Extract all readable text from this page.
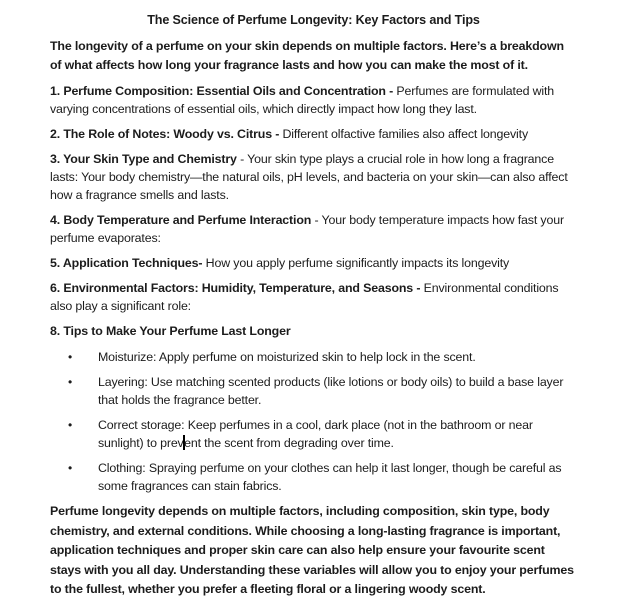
The Science of Perfume Longevity: Key Factors and Tips

The longevity of a perfume on your skin depends on multiple factors. Here’s a breakdown of what affects how long your fragrance lasts and how you can make the most of it.

1. Perfume Composition: Essential Oils and Concentration - Perfumes are formulated with varying concentrations of essential oils, which directly impact how long they last.

2. The Role of Notes: Woody vs. Citrus - Different olfactive families also affect longevity

3. Your Skin Type and Chemistry - Your skin type plays a crucial role in how long a fragrance lasts: Your body chemistry—the natural oils, pH levels, and bacteria on your skin—can also affect how a fragrance smells and lasts.

4. Body Temperature and Perfume Interaction - Your body temperature impacts how fast your perfume evaporates:

5. Application Techniques- How you apply perfume significantly impacts its longevity

6. Environmental Factors: Humidity, Temperature, and Seasons - Environmental conditions also play a significant role:

8. Tips to Make Your Perfume Last Longer

•	Moisturize: Apply perfume on moisturized skin to help lock in the scent.
•	Layering: Use matching scented products (like lotions or body oils) to build a base layer that holds the fragrance better.
•	Correct storage: Keep perfumes in a cool, dark place (not in the bathroom or near sunlight) to prevent the scent from degrading over time.
•	Clothing: Spraying perfume on your clothes can help it last longer, though be careful as some fragrances can stain fabrics.

Perfume longevity depends on multiple factors, including composition, skin type, body chemistry, and external conditions. While choosing a long-lasting fragrance is important, application techniques and proper skin care can also help ensure your favourite scent stays with you all day. Understanding these variables will allow you to enjoy your perfumes to the fullest, whether you prefer a fleeting floral or a lingering woody scent.
